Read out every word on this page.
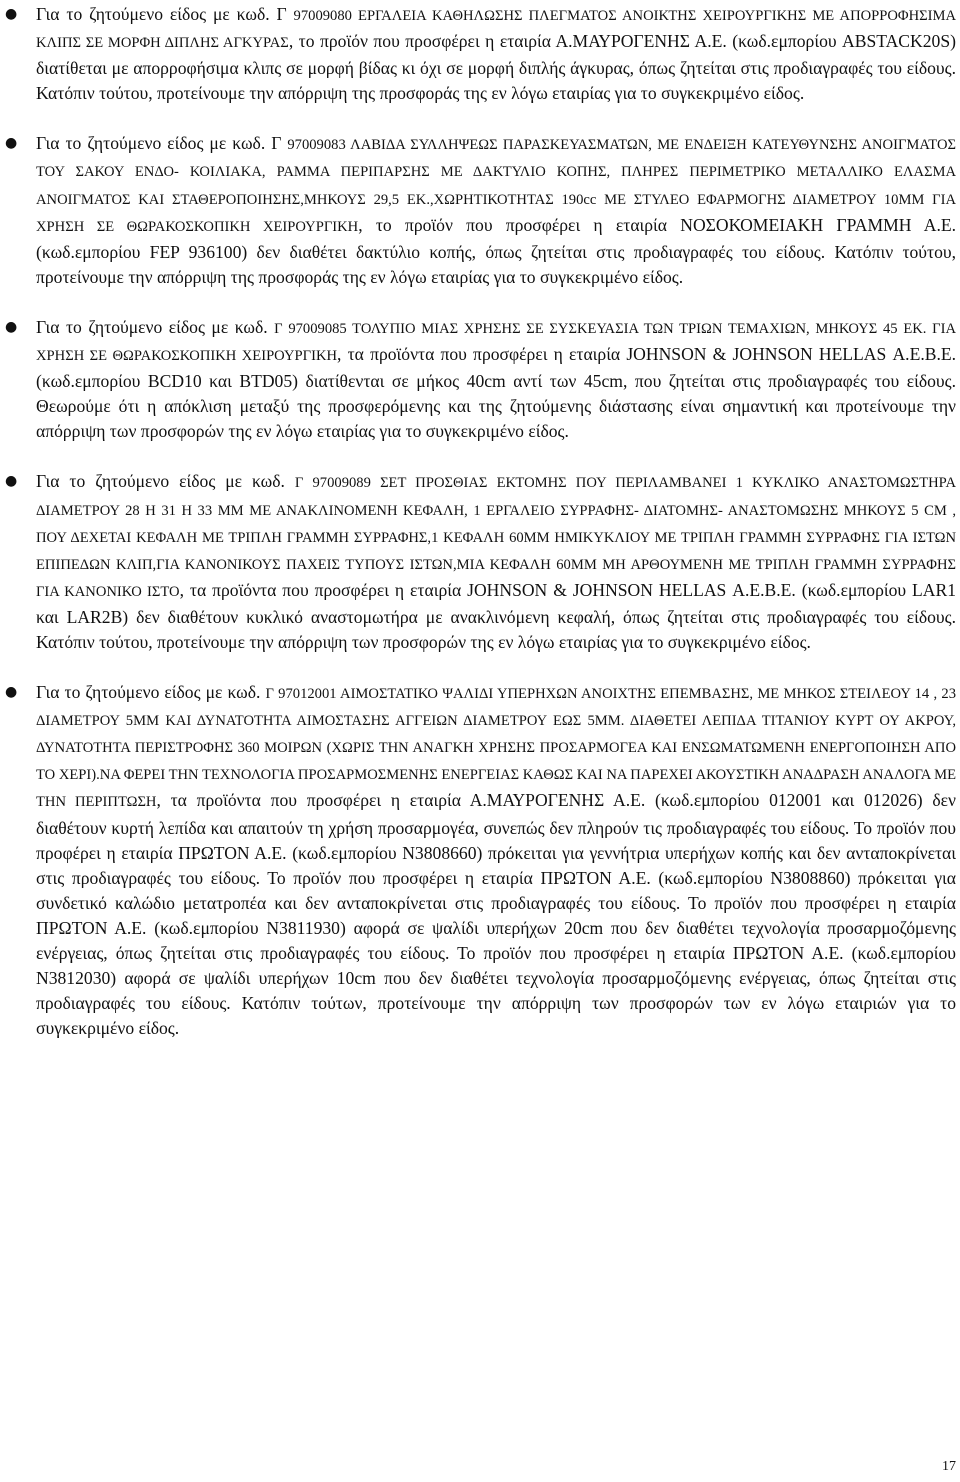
● Για το ζητούμενο είδος με κωδ. Γ 97009080 ΕΡΓΑΛΕΙΑ ΚΑΘΗΛΩΣΗΣ ΠΛΕΓΜΑΤΟΣ ΑΝΟΙΚΤΗΣ ΧΕΙΡΟΥΡΓΙΚΗΣ ΜΕ ΑΠΟΡΡΟΦΗΣΙΜΑ ΚΛΙΠΣ ΣΕ ΜΟΡΦΗ ΔΙΠΛΗΣ ΑΓΚΥΡΑΣ, το προϊόν που προσφέρει η εταιρία Α.ΜΑΥΡΟΓΕΝΗΣ Α.Ε. (κωδ.εμπορίου ABSTACK20S) διατίθεται με απορροφήσιμα κλιπς σε μορφή βίδας κι όχι σε μορφή διπλής άγκυρας, όπως ζητείται στις προδιαγραφές του είδους. Κατόπιν τούτου, προτείνουμε την απόρριψη της προσφοράς της εν λόγω εταιρίας για το συγκεκριμένο είδος.
● Για το ζητούμενο είδος με κωδ. Γ 97009083 ΛΑΒΙΔΑ ΣΥΛΛΗΨΕΩΣ ΠΑΡΑΣΚΕΥΑΣΜΑΤΩΝ, ΜΕ ΕΝΔΕΙΞΗ ΚΑΤΕΥΘΥΝΣΗΣ ΑΝΟΙΓΜΑΤΟΣ ΤΟΥ ΣΑΚΟΥ ΕΝΔΟ- ΚΟΙΛΙΑΚΑ, ΡΑΜΜΑ ΠΕΡΙΠΑΡΣΗΣ ΜΕ ΔΑΚΤΥΛΙΟ ΚΟΠΗΣ, ΠΛΗΡΕΣ ΠΕΡΙΜΕΤΡΙΚΟ ΜΕΤΑΛΛΙΚΟ ΕΛΑΣΜΑ ΑΝΟΙΓΜΑΤΟΣ ΚΑΙ ΣΤΑΘΕΡΟΠΟΙΗΣΗΣ,ΜΗΚΟΥΣ 29,5 ΕΚ.,ΧΩΡΗΤΙΚΟΤΗΤΑΣ 190cc ΜΕ ΣΤΥΛΕΟ ΕΦΑΡΜΟΓΗΣ ΔΙΑΜΕΤΡΟΥ 10ΜΜ ΓΙΑ ΧΡΗΣΗ ΣΕ ΘΩΡΑΚΟΣΚΟΠΙΚΗ ΧΕΙΡΟΥΡΓΙΚΗ, το προϊόν που προσφέρει η εταιρία ΝΟΣΟΚΟΜΕΙΑΚΗ ΓΡΑΜΜΗ Α.Ε. (κωδ.εμπορίου FEP 936100) δεν διαθέτει δακτύλιο κοπής, όπως ζητείται στις προδιαγραφές του είδους. Κατόπιν τούτου, προτείνουμε την απόρριψη της προσφοράς της εν λόγω εταιρίας για το συγκεκριμένο είδος.
● Για το ζητούμενο είδος με κωδ. Γ 97009085 ΤΟΛΥΠΙΟ ΜΙΑΣ ΧΡΗΣΗΣ ΣΕ ΣΥΣΚΕΥΑΣΙΑ ΤΩΝ ΤΡΙΩΝ ΤΕΜΑΧΙΩΝ, ΜΗΚΟΥΣ 45 ΕΚ. ΓΙΑ ΧΡΗΣΗ ΣΕ ΘΩΡΑΚΟΣΚΟΠΙΚΗ ΧΕΙΡΟΥΡΓΙΚΗ, τα προϊόντα που προσφέρει η εταιρία JOHNSON & JOHNSON HELLAS Α.Ε.Β.Ε. (κωδ.εμπορίου BCD10 και BTD05) διατίθενται σε μήκος 40cm αντί των 45cm, που ζητείται στις προδιαγραφές του είδους. Θεωρούμε ότι η απόκλιση μεταξύ της προσφερόμενης και της ζητούμενης διάστασης είναι σημαντική και προτείνουμε την απόρριψη των προσφορών της εν λόγω εταιρίας για το συγκεκριμένο είδος.
● Για το ζητούμενο είδος με κωδ. Γ 97009089 ΣΕΤ ΠΡΟΣΘΙΑΣ ΕΚΤΟΜΗΣ ΠΟΥ ΠΕΡΙΛΑΜΒΑΝΕΙ 1 ΚΥΚΛΙΚΟ ΑΝΑΣΤΟΜΩΣΤΗΡΑ ΔΙΑΜΕΤΡΟΥ 28 Η 31 Η 33 ΜΜ ΜΕ ΑΝΑΚΛΙΝΟΜΕΝΗ ΚΕΦΑΛΗ, 1 ΕΡΓΑΛΕΙΟ ΣΥΡΡΑΦΗΣ- ΔΙΑΤΟΜΗΣ- ΑΝΑΣΤΟΜΩΣΗΣ ΜΗΚΟΥΣ 5 CM , ΠΟΥ ΔΕΧΕΤΑΙ ΚΕΦΑΛΗ ΜΕ ΤΡΙΠΛΗ ΓΡΑΜΜΗ ΣΥΡΡΑΦΗΣ,1 ΚΕΦΑΛΗ 60ΜΜ ΗΜΙΚΥΚΛΙΟΥ ΜΕ ΤΡΙΠΛΗ ΓΡΑΜΜΗ ΣΥΡΡΑΦΗΣ ΓΙΑ ΙΣΤΩΝ ΕΠΙΠΕΔΩΝ ΚΛΙΠ,ΓΙΑ ΚΑΝΟΝΙΚΟΥΣ ΠΑΧΕΙΣ ΤΥΠΟΥΣ ΙΣΤΩΝ,ΜΙΑ ΚΕΦΑΛΗ 60ΜΜ ΜΗ ΑΡΘΟΥΜΕΝΗ ΜΕ ΤΡΙΠΛΗ ΓΡΑΜΜΗ ΣΥΡΡΑΦΗΣ ΓΙΑ ΚΑΝΟΝΙΚΟ ΙΣΤΟ, τα προϊόντα που προσφέρει η εταιρία JOHNSON & JOHNSON HELLAS Α.Ε.Β.Ε. (κωδ.εμπορίου LAR1 και LAR2B) δεν διαθέτουν κυκλικό αναστομωτήρα με ανακλινόμενη κεφαλή, όπως ζητείται στις προδιαγραφές του είδους. Κατόπιν τούτου, προτείνουμε την απόρριψη των προσφορών της εν λόγω εταιρίας για το συγκεκριμένο είδος.
● Για το ζητούμενο είδος με κωδ. Γ 97012001 ΑΙΜΟΣΤΑΤΙΚΟ ΨΑΛΙΔΙ ΥΠΕΡΗΧΩΝ ΑΝΟΙΧΤΗΣ ΕΠΕΜΒΑΣΗΣ, ΜΕ ΜΗΚΟΣ ΣΤΕΙΛΕΟΥ 14 , 23 ΔΙΑΜΕΤΡΟΥ 5ΜΜ ΚΑΙ ΔΥΝΑΤΟΤΗΤΑ ΑΙΜΟΣΤΑΣΗΣ ΑΓΓΕΙΩΝ ΔΙΑΜΕΤΡΟΥ ΕΩΣ 5ΜΜ. ΔΙΑΘΕΤΕΙ ΛΕΠΙΔΑ ΤΙΤΑΝΙΟΥ ΚΥΡΤ ΟΥ ΑΚΡΟΥ, ΔΥΝΑΤΟΤΗΤΑ ΠΕΡΙΣΤΡΟΦΗΣ 360 ΜΟΙΡΩΝ (ΧΩΡΙΣ ΤΗΝ ΑΝΑΓΚΗ ΧΡΗΣΗΣ ΠΡΟΣΑΡΜΟΓΕΑ ΚΑΙ ΕΝΣΩΜΑΤΩΜΕΝΗ ΕΝΕΡΓΟΠΟΙΗΣΗ ΑΠΟ ΤΟ ΧΕΡΙ).ΝΑ ΦΕΡΕΙ ΤΗΝ ΤΕΧΝΟΛΟΓΙΑ ΠΡΟΣΑΡΜΟΣΜΕΝΗΣ ΕΝΕΡΓΕΙΑΣ ΚΑΘΩΣ ΚΑΙ ΝΑ ΠΑΡΕΧΕΙ ΑΚΟΥΣΤΙΚΗ ΑΝΑΔΡΑΣΗ ΑΝΑΛΟΓΑ ΜΕ ΤΗΝ ΠΕΡΙΠΤΩΣΗ, τα προϊόντα που προσφέρει η εταιρία Α.ΜΑΥΡΟΓΕΝΗΣ Α.Ε. (κωδ.εμπορίου 012001 και 012026) δεν διαθέτουν κυρτή λεπίδα και απαιτούν τη χρήση προσαρμογέα, συνεπώς δεν πληρούν τις προδιαγραφές του είδους. Το προϊόν που προφέρει η εταιρία ΠΡΩΤΟΝ Α.Ε. (κωδ.εμπορίου N3808660) πρόκειται για γεννήτρια υπερήχων κοπής και δεν ανταποκρίνεται στις προδιαγραφές του είδους. Το προϊόν που προσφέρει η εταιρία ΠΡΩΤΟΝ Α.Ε. (κωδ.εμπορίου N3808860) πρόκειται για συνδετικό καλώδιο μετατροπέα και δεν ανταποκρίνεται στις προδιαγραφές του είδους. Το προϊόν που προσφέρει η εταιρία ΠΡΩΤΟΝ Α.Ε. (κωδ.εμπορίου N3811930) αφορά σε ψαλίδι υπερήχων 20cm που δεν διαθέτει τεχνολογία προσαρμοζόμενης ενέργειας, όπως ζητείται στις προδιαγραφές του είδους. Το προϊόν που προσφέρει η εταιρία ΠΡΩΤΟΝ Α.Ε. (κωδ.εμπορίου N3812030) αφορά σε ψαλίδι υπερήχων 10cm που δεν διαθέτει τεχνολογία προσαρμοζόμενης ενέργειας, όπως ζητείται στις προδιαγραφές του είδους. Κατόπιν τούτων, προτείνουμε την απόρριψη των προσφορών των εν λόγω εταιριών για το συγκεκριμένο είδος.
17
